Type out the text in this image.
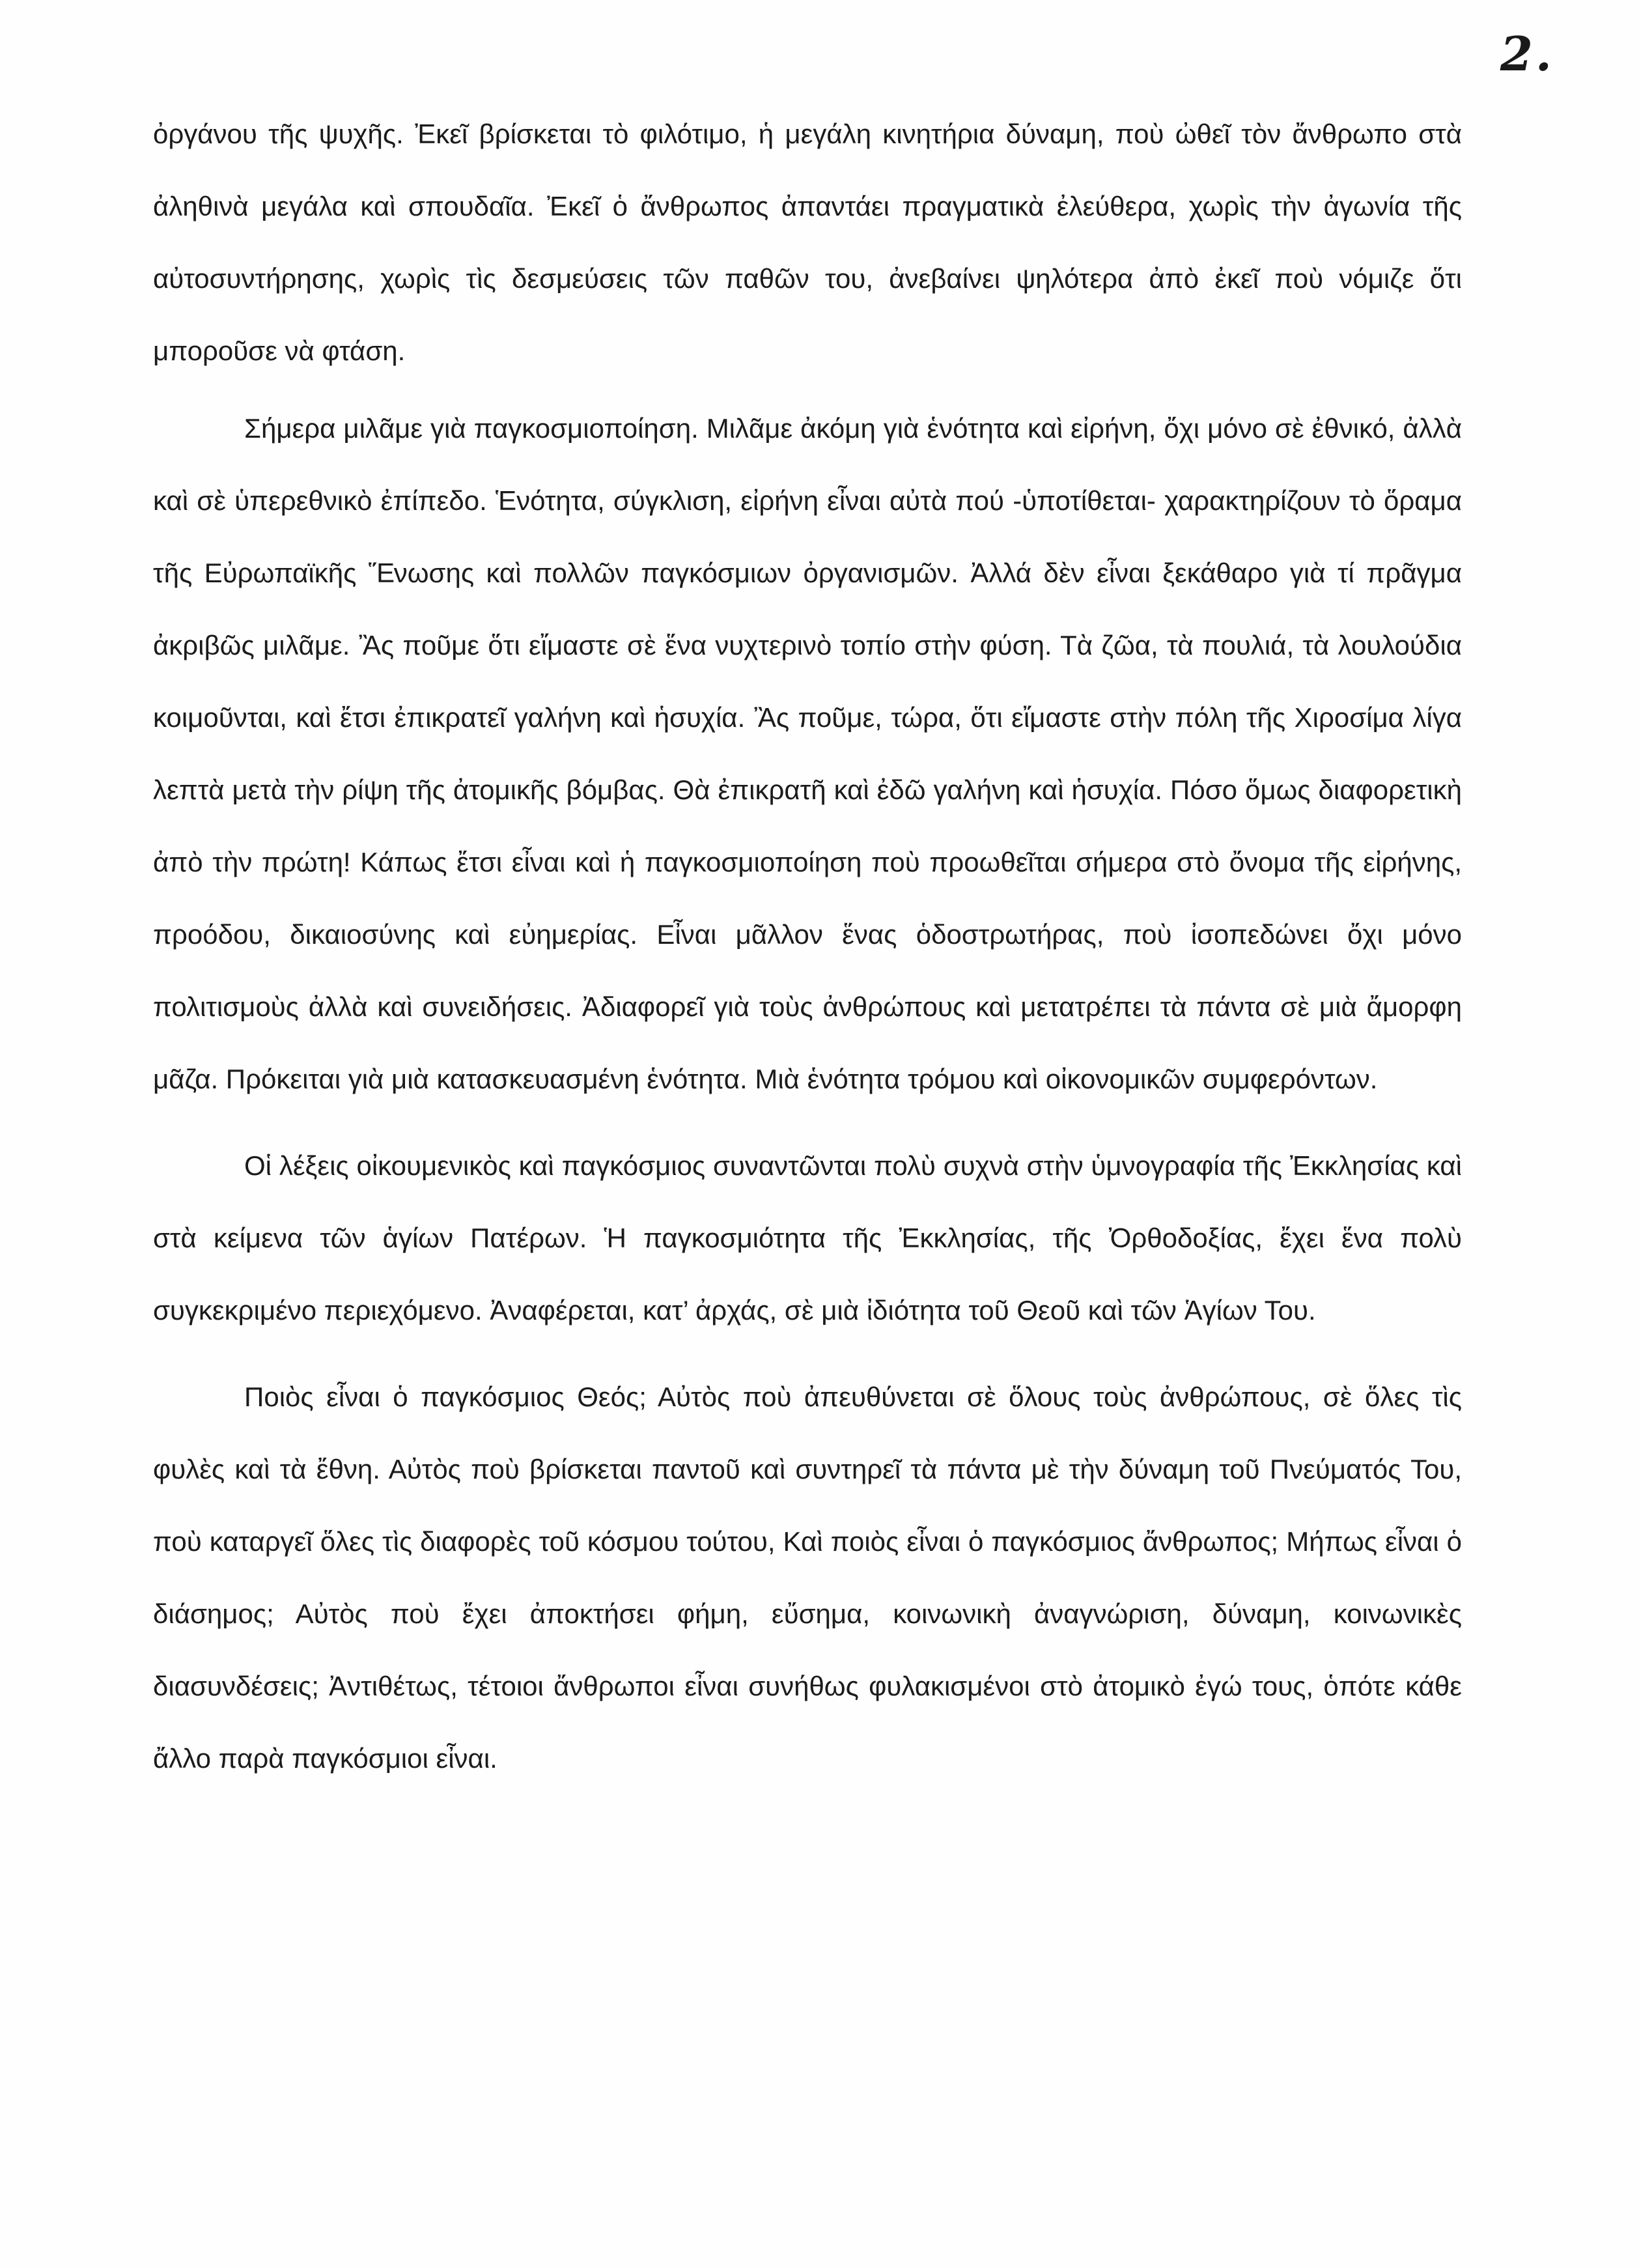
2.

ὀργάνου τῆς ψυχῆς. Ἐκεῖ βρίσκεται τὸ φιλότιμο, ἡ μεγάλη κινητήρια δύναμη, ποὺ ὠθεῖ τὸν ἄνθρωπο στὰ ἀληθινὰ μεγάλα καὶ σπουδαῖα. Ἐκεῖ ὁ ἄνθρωπος ἀπαντάει πραγματικὰ ἐλεύθερα, χωρὶς τὴν ἀγωνία τῆς αὐτοσυντήρησης, χωρὶς τὶς δεσμεύσεις τῶν παθῶν του, ἀνεβαίνει ψηλότερα ἀπὸ ἐκεῖ ποὺ νόμιζε ὅτι μποροῦσε νὰ φτάση.

Σήμερα μιλᾶμε γιὰ παγκοσμιοποίηση. Μιλᾶμε ἀκόμη γιὰ ἑνότητα καὶ εἰρήνη, ὄχι μόνο σὲ ἐθνικό, ἀλλὰ καὶ σὲ ὑπερεθνικὸ ἐπίπεδο. Ἑνότητα, σύγκλιση, εἰρήνη εἶναι αὐτὰ πού -ὑποτίθεται- χαρακτηρίζουν τὸ ὅραμα τῆς Εὐρωπαϊκῆς Ἕνωσης καὶ πολλῶν παγκόσμιων ὀργανισμῶν. Ἀλλά δὲν εἶναι ξεκάθαρο γιὰ τί πρᾶγμα ἀκριβῶς μιλᾶμε. Ἂς ποῦμε ὅτι εἴμαστε σὲ ἕνα νυχτερινὸ τοπίο στὴν φύση. Τὰ ζῶα, τὰ πουλιά, τὰ λουλούδια κοιμοῦνται, καὶ ἔτσι ἐπικρατεῖ γαλήνη καὶ ἡσυχία. Ἂς ποῦμε, τώρα, ὅτι εἴμαστε στὴν πόλη τῆς Χιροσίμα λίγα λεπτὰ μετὰ τὴν ρίψη τῆς ἀτομικῆς βόμβας. Θὰ ἐπικρατῆ καὶ ἐδῶ γαλήνη καὶ ἡσυχία. Πόσο ὅμως διαφορετικὴ ἀπὸ τὴν πρώτη! Κάπως ἔτσι εἶναι καὶ ἡ παγκοσμιοποίηση ποὺ προωθεῖται σήμερα στὸ ὄνομα τῆς εἰρήνης, προόδου, δικαιοσύνης καὶ εὐημερίας. Εἶναι μᾶλλον ἕνας ὁδοστρωτήρας, ποὺ ἰσοπεδώνει ὄχι μόνο πολιτισμοὺς ἀλλὰ καὶ συνειδήσεις. Ἀδιαφορεῖ γιὰ τοὺς ἀνθρώπους καὶ μετατρέπει τὰ πάντα σὲ μιὰ ἄμορφη μᾶζα. Πρόκειται γιὰ μιὰ κατασκευασμένη ἑνότητα. Μιὰ ἑνότητα τρόμου καὶ οἰκονομικῶν συμφερόντων.

Οἱ λέξεις οἰκουμενικὸς καὶ παγκόσμιος συναντῶνται πολὺ συχνὰ στὴν ὑμνογραφία τῆς Ἐκκλησίας καὶ στὰ κείμενα τῶν ἁγίων Πατέρων. Ἡ παγκοσμιότητα τῆς Ἐκκλησίας, τῆς Ὀρθοδοξίας, ἔχει ἕνα πολὺ συγκεκριμένο περιεχόμενο. Ἀναφέρεται, κατ’ ἀρχάς, σὲ μιὰ ἰδιότητα τοῦ Θεοῦ καὶ τῶν Ἁγίων Του.

Ποιὸς εἶναι ὁ παγκόσμιος Θεός; Αὐτὸς ποὺ ἀπευθύνεται σὲ ὅλους τοὺς ἀνθρώπους, σὲ ὅλες τὶς φυλὲς καὶ τὰ ἔθνη. Αὐτὸς ποὺ βρίσκεται παντοῦ καὶ συντηρεῖ τὰ πάντα μὲ τὴν δύναμη τοῦ Πνεύματός Του, ποὺ καταργεῖ ὅλες τὶς διαφορὲς τοῦ κόσμου τούτου, Καὶ ποιὸς εἶναι ὁ παγκόσμιος ἄνθρωπος; Μήπως εἶναι ὁ διάσημος; Αὐτὸς ποὺ ἔχει ἀποκτήσει φήμη, εὔσημα, κοινωνικὴ ἀναγνώριση, δύναμη, κοινωνικὲς διασυνδέσεις; Ἀντιθέτως, τέτοιοι ἄνθρωποι εἶναι συνήθως φυλακισμένοι στὸ ἀτομικὸ ἐγώ τους, ὁπότε κάθε ἄλλο παρὰ παγκόσμιοι εἶναι.
